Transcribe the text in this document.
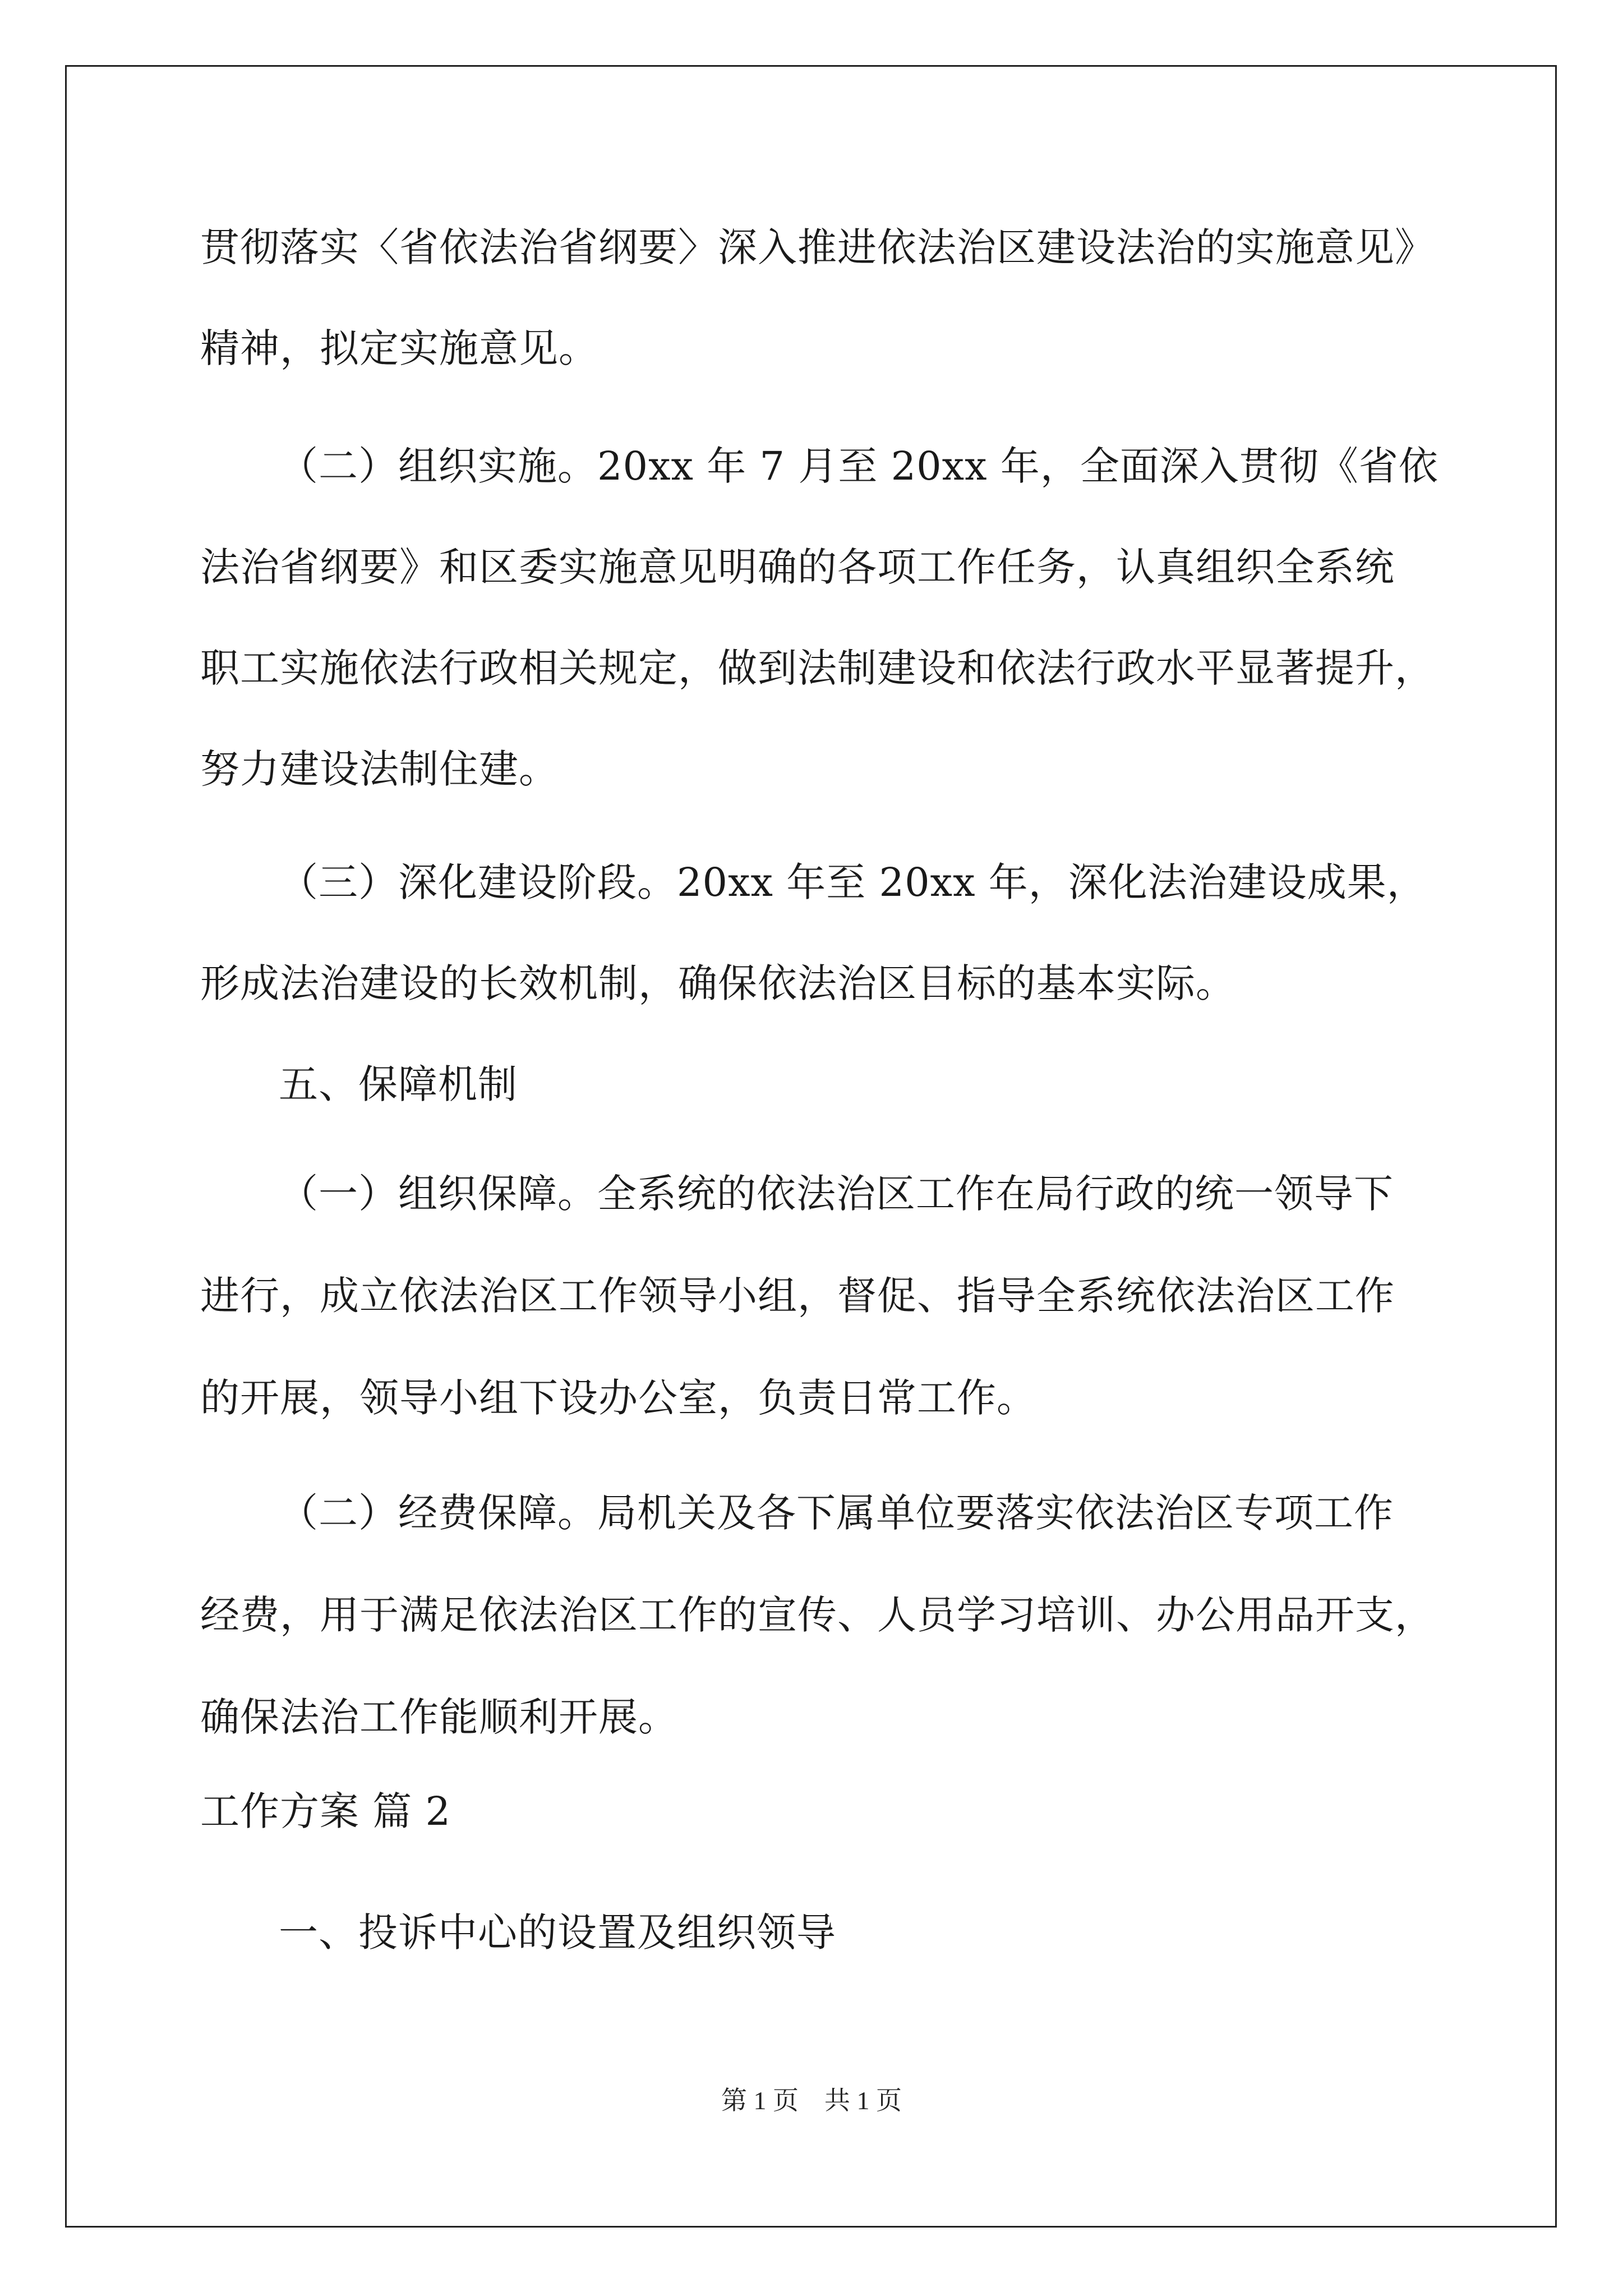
贯彻落实〈省依法治省纲要〉深入推进依法治区建设法治的实施意见》
精神，拟定实施意见。
（二）组织实施。20xx 年 7 月至 20xx 年，全面深入贯彻《省依
法治省纲要》和区委实施意见明确的各项工作任务，认真组织全系统
职工实施依法行政相关规定，做到法制建设和依法行政水平显著提升，
努力建设法制住建。
（三）深化建设阶段。20xx 年至 20xx 年，深化法治建设成果，
形成法治建设的长效机制，确保依法治区目标的基本实际。
五、保障机制
（一）组织保障。全系统的依法治区工作在局行政的统一领导下
进行，成立依法治区工作领导小组，督促、指导全系统依法治区工作
的开展，领导小组下设办公室，负责日常工作。
（二）经费保障。局机关及各下属单位要落实依法治区专项工作
经费，用于满足依法治区工作的宣传、人员学习培训、办公用品开支，
确保法治工作能顺利开展。
工作方案 篇 2
一、投诉中心的设置及组织领导
第 1 页　共 1 页
